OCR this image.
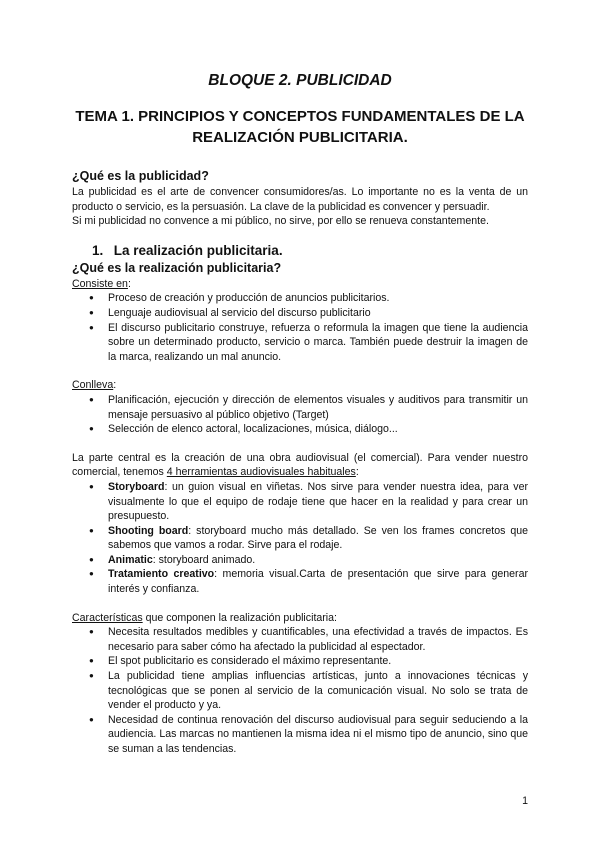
BLOQUE 2. PUBLICIDAD
TEMA 1. PRINCIPIOS Y CONCEPTOS FUNDAMENTALES DE LA REALIZACIÓN PUBLICITARIA.
¿Qué es la publicidad?

La publicidad es el arte de convencer consumidores/as. Lo importante no es la venta de un producto o servicio, es la persuasión. La clave de la publicidad es convencer y persuadir.

Si mi publicidad no convence a mi público, no sirve, por ello se renueva constantemente.

1. La realización publicitaria.
¿Qué es la realización publicitaria?
Consiste en:
● Proceso de creación y producción de anuncios publicitarios.
● Lenguaje audiovisual al servicio del discurso publicitario
● El discurso publicitario construye, refuerza o reformula la imagen que tiene la audiencia sobre un determinado producto, servicio o marca. También puede destruir la imagen de la marca, realizando un mal anuncio.
Conlleva:
● Planificación, ejecución y dirección de elementos visuales y auditivos para transmitir un mensaje persuasivo al público objetivo (Target)
● Selección de elenco actoral, localizaciones, música, diálogo...

La parte central es la creación de una obra audiovisual (el comercial). Para vender nuestro comercial, tenemos 4 herramientas audiovisuales habituales:

● Storyboard: un guion visual en viñetas. Nos sirve para vender nuestra idea, para ver visualmente lo que el equipo de rodaje tiene que hacer en la realidad y para crear un presupuesto.
● Shooting board: storyboard mucho más detallado. Se ven los frames concretos que sabemos que vamos a rodar. Sirve para el rodaje.
● Animatic: storyboard animado.
● Tratamiento creativo: memoria visual.Carta de presentación que sirve para generar interés y confianza.
Características que componen la realización publicitaria:
● Necesita resultados medibles y cuantificables, una efectividad a través de impactos. Es necesario para saber cómo ha afectado la publicidad al espectador.
● El spot publicitario es considerado el máximo representante.
● La publicidad tiene amplias influencias artísticas, junto a innovaciones técnicas y tecnológicas que se ponen al servicio de la comunicación visual. No solo se trata de vender el producto y ya.
● Necesidad de continua renovación del discurso audiovisual para seguir seduciendo a la audiencia. Las marcas no mantienen la misma idea ni el mismo tipo de anuncio, sino que se suman a las tendencias.
1
